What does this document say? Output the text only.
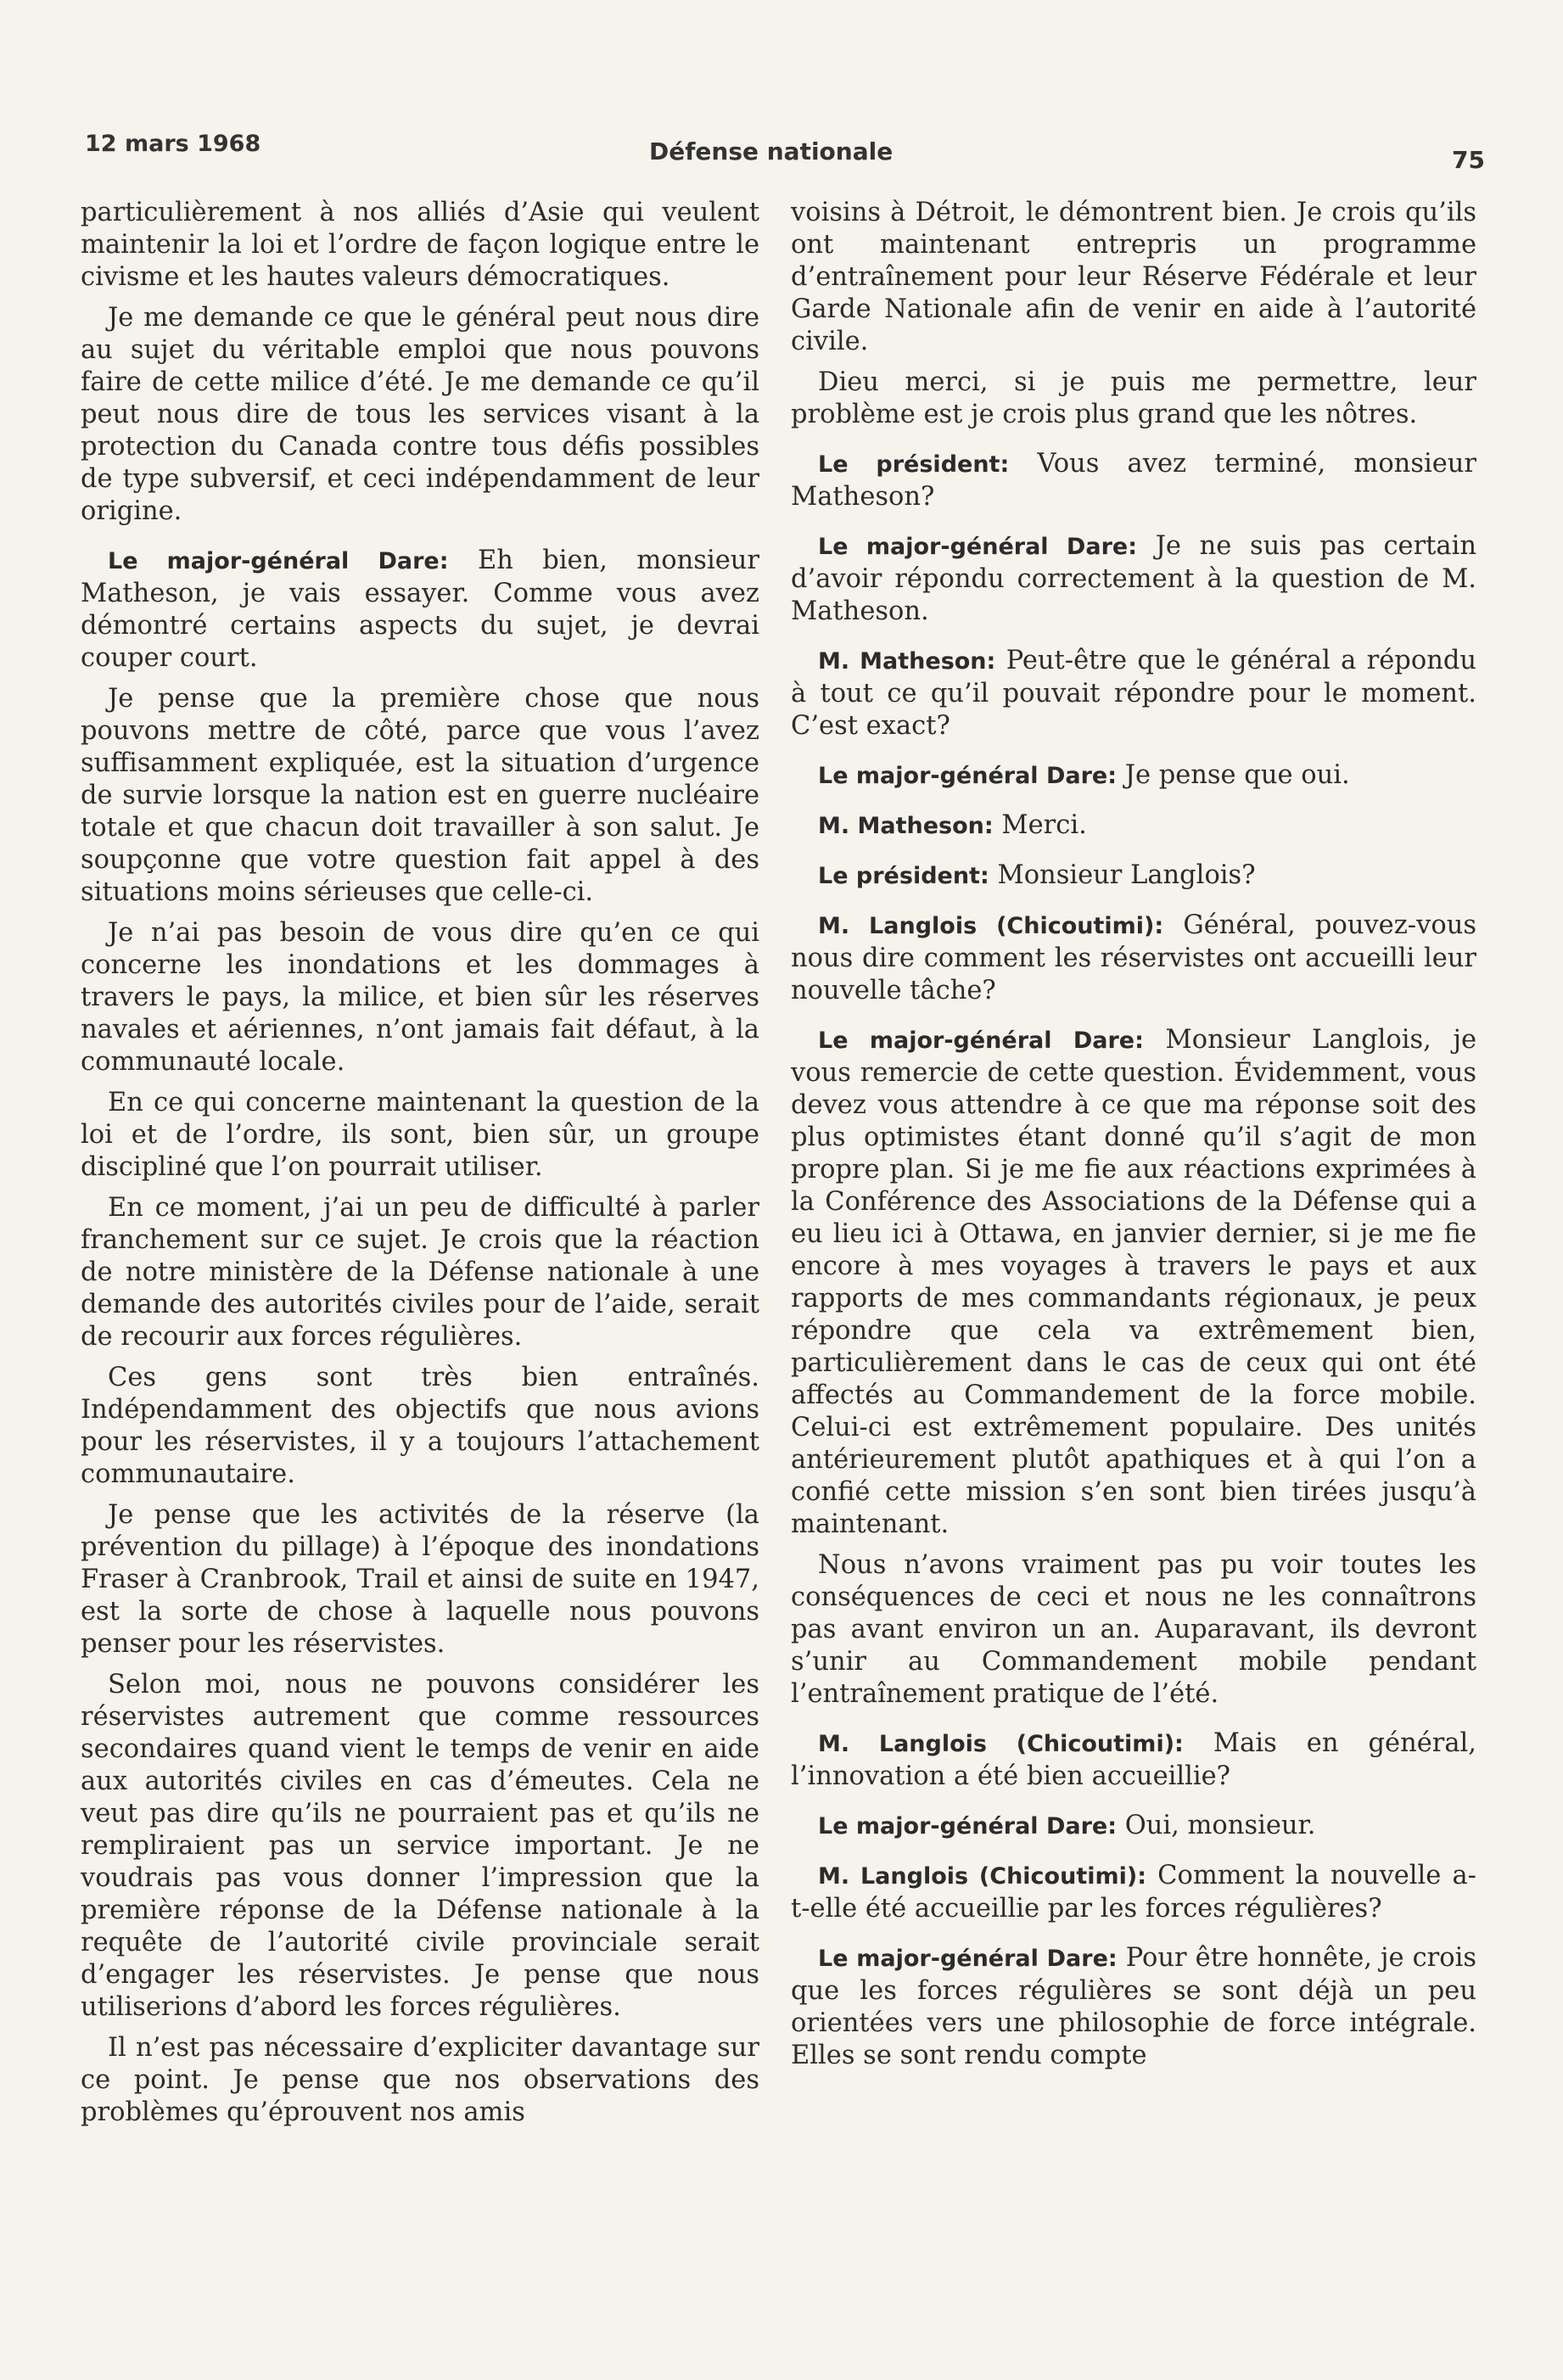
12 mars 1968	Défense nationale	75

particulièrement à nos alliés d’Asie qui veulent maintenir la loi et l’ordre de façon logique entre le civisme et les hautes valeurs démocratiques.

Je me demande ce que le général peut nous dire au sujet du véritable emploi que nous pouvons faire de cette milice d’été. Je me demande ce qu’il peut nous dire de tous les services visant à la protection du Canada contre tous défis possibles de type subversif, et ceci indépendamment de leur origine.

Le major-général Dare: Eh bien, monsieur Matheson, je vais essayer. Comme vous avez démontré certains aspects du sujet, je devrai couper court.

Je pense que la première chose que nous pouvons mettre de côté, parce que vous l’avez suffisamment expliquée, est la situation d’urgence de survie lorsque la nation est en guerre nucléaire totale et que chacun doit travailler à son salut. Je soupçonne que votre question fait appel à des situations moins sérieuses que celle-ci.

Je n’ai pas besoin de vous dire qu’en ce qui concerne les inondations et les dommages à travers le pays, la milice, et bien sûr les réserves navales et aériennes, n’ont jamais fait défaut, à la communauté locale.

En ce qui concerne maintenant la question de la loi et de l’ordre, ils sont, bien sûr, un groupe discipliné que l’on pourrait utiliser.

En ce moment, j’ai un peu de difficulté à parler franchement sur ce sujet. Je crois que la réaction de notre ministère de la Défense nationale à une demande des autorités civiles pour de l’aide, serait de recourir aux forces régulières.

Ces gens sont très bien entraînés. Indépendamment des objectifs que nous avions pour les réservistes, il y a toujours l’attachement communautaire.

Je pense que les activités de la réserve (la prévention du pillage) à l’époque des inondations Fraser à Cranbrook, Trail et ainsi de suite en 1947, est la sorte de chose à laquelle nous pouvons penser pour les réservistes.

Selon moi, nous ne pouvons considérer les réservistes autrement que comme ressources secondaires quand vient le temps de venir en aide aux autorités civiles en cas d’émeutes. Cela ne veut pas dire qu’ils ne pourraient pas et qu’ils ne rempliraient pas un service important. Je ne voudrais pas vous donner l’impression que la première réponse de la Défense nationale à la requête de l’autorité civile provinciale serait d’engager les réservistes. Je pense que nous utiliserions d’abord les forces régulières.

Il n’est pas nécessaire d’expliciter davantage sur ce point. Je pense que nos observations des problèmes qu’éprouvent nos amis

voisins à Détroit, le démontrent bien. Je crois qu’ils ont maintenant entrepris un programme d’entraînement pour leur Réserve Fédérale et leur Garde Nationale afin de venir en aide à l’autorité civile.

Dieu merci, si je puis me permettre, leur problème est je crois plus grand que les nôtres.

Le président: Vous avez terminé, monsieur Matheson?

Le major-général Dare: Je ne suis pas certain d’avoir répondu correctement à la question de M. Matheson.

M. Matheson: Peut-être que le général a répondu à tout ce qu’il pouvait répondre pour le moment. C’est exact?

Le major-général Dare: Je pense que oui.

M. Matheson: Merci.

Le président: Monsieur Langlois?

M. Langlois (Chicoutimi): Général, pouvez-vous nous dire comment les réservistes ont accueilli leur nouvelle tâche?

Le major-général Dare: Monsieur Langlois, je vous remercie de cette question. Évidemment, vous devez vous attendre à ce que ma réponse soit des plus optimistes étant donné qu’il s’agit de mon propre plan. Si je me fie aux réactions exprimées à la Conférence des Associations de la Défense qui a eu lieu ici à Ottawa, en janvier dernier, si je me fie encore à mes voyages à travers le pays et aux rapports de mes commandants régionaux, je peux répondre que cela va extrêmement bien, particulièrement dans le cas de ceux qui ont été affectés au Commandement de la force mobile. Celui-ci est extrêmement populaire. Des unités antérieurement plutôt apathiques et à qui l’on a confié cette mission s’en sont bien tirées jusqu’à maintenant.

Nous n’avons vraiment pas pu voir toutes les conséquences de ceci et nous ne les connaîtrons pas avant environ un an. Auparavant, ils devront s’unir au Commandement mobile pendant l’entraînement pratique de l’été.

M. Langlois (Chicoutimi): Mais en général, l’innovation a été bien accueillie?

Le major-général Dare: Oui, monsieur.

M. Langlois (Chicoutimi): Comment la nouvelle a-t-elle été accueillie par les forces régulières?

Le major-général Dare: Pour être honnête, je crois que les forces régulières se sont déjà un peu orientées vers une philosophie de force intégrale. Elles se sont rendu compte
